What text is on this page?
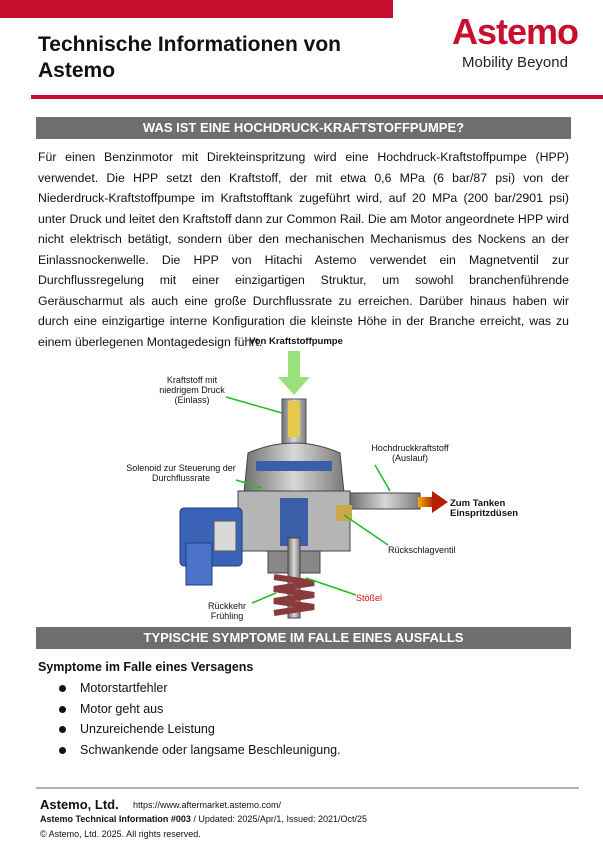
Technische Informationen von
Astemo
Astemo
Mobility Beyond
WAS IST EINE HOCHDRUCK-KRAFTSTOFFPUMPE?
Für einen Benzinmotor mit Direkteinspritzung wird eine Hochdruck-Kraftstoffpumpe (HPP) verwendet. Die HPP setzt den Kraftstoff, der mit etwa 0,6 MPa (6 bar/87 psi) von der Niederdruck-Kraftstoffpumpe im Kraftstofftank zugeführt wird, auf 20 MPa (200 bar/2901 psi) unter Druck und leitet den Kraftstoff dann zur Common Rail. Die am Motor angeordnete HPP wird nicht elektrisch betätigt, sondern über den mechanischen Mechanismus des Nockens an der Einlassnockenwelle. Die HPP von Hitachi Astemo verwendet ein Magnetventil zur Durchflussregelung mit einer einzigartigen Struktur, um sowohl branchenführende Geräuscharmut als auch eine große Durchflussrate zu erreichen. Darüber hinaus haben wir durch eine einzigartige interne Konfiguration die kleinste Höhe in der Branche erreicht, was zu einem überlegenen Montagedesign führt.
Von Kraftstoffpumpe
Kraftstoff mit niedrigem Druck (Einlass)
Hochdruckkraftstoff (Auslauf)
Solenoid zur Steuerung der Durchflussrate
Zum Tanken Einspritzdüsen
Rückschlagventil
Stößel
Rückkehr Frühling
TYPISCHE SYMPTOME IM FALLE EINES AUSFALLS
Symptome im Falle eines Versagens
Motorstartfehler
Motor geht aus
Unzureichende Leistung
Schwankende oder langsame Beschleunigung.
Astemo, Ltd. https://www.aftermarket.astemo.com/
Astemo Technical Information #003 / Updated: 2025/Apr/1, Issued: 2021/Oct/25
© Astemo, Ltd. 2025. All rights reserved.
